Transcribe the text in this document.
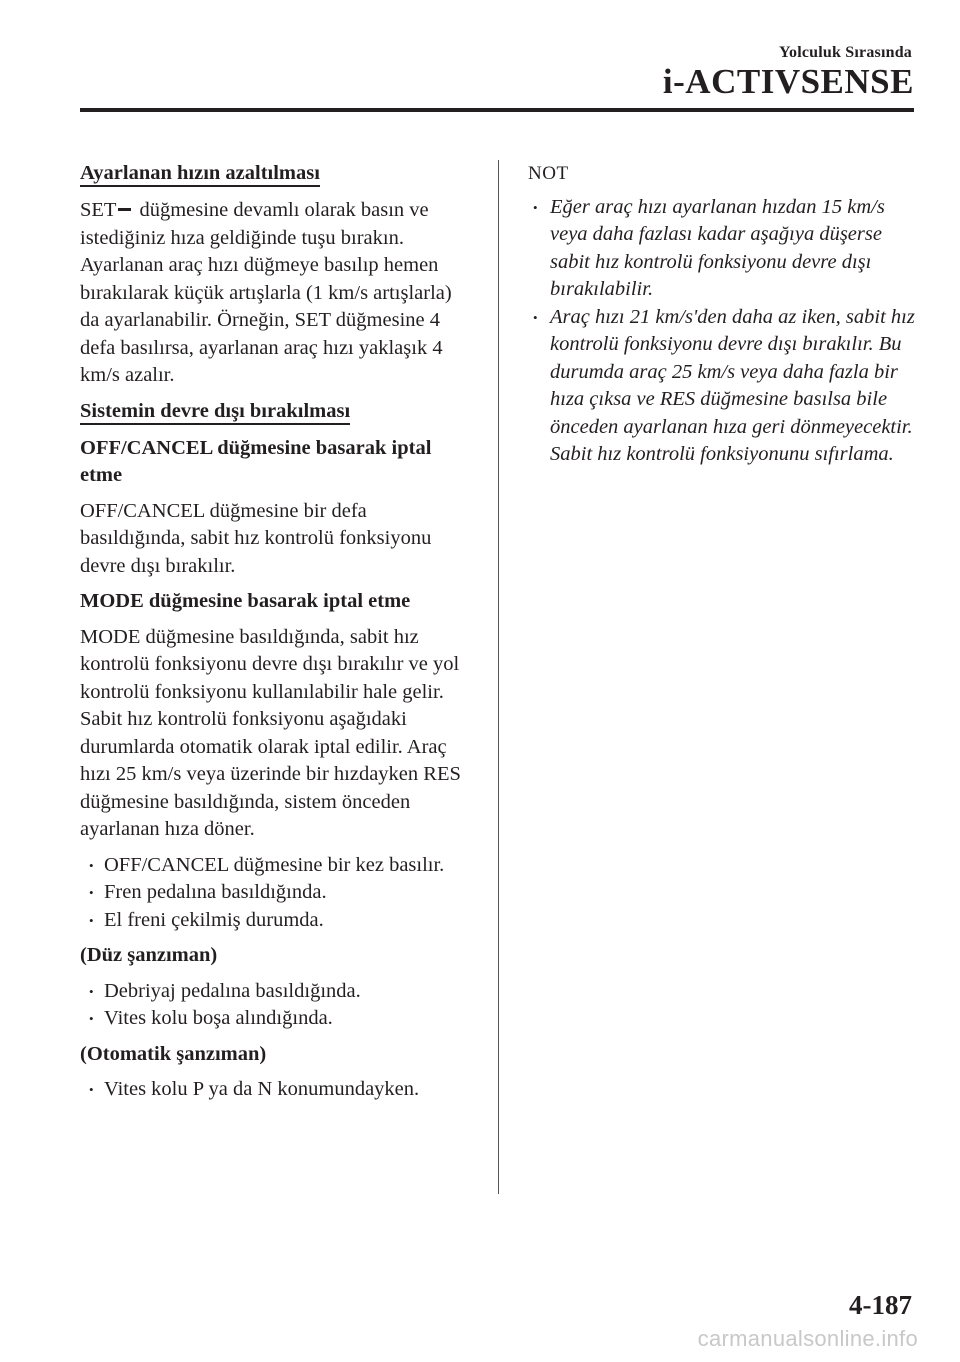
Yolculuk Sırasında
i-ACTIVSENSE
Ayarlanan hızın azaltılması

SET düğmesine devamlı olarak basın ve istediğiniz hıza geldiğinde tuşu bırakın. Ayarlanan araç hızı düğmeye basılıp hemen bırakılarak küçük artışlarla (1 km/s artışlarla) da ayarlanabilir. Örneğin, SET düğmesine 4 defa basılırsa, ayarlanan araç hızı yaklaşık 4 km/s azalır.

Sistemin devre dışı bırakılması
OFF/CANCEL düğmesine basarak iptal etme

OFF/CANCEL düğmesine bir defa basıldığında, sabit hız kontrolü fonksiyonu devre dışı bırakılır.

MODE düğmesine basarak iptal etme

MODE düğmesine basıldığında, sabit hız kontrolü fonksiyonu devre dışı bırakılır ve yol kontrolü fonksiyonu kullanılabilir hale gelir.

Sabit hız kontrolü fonksiyonu aşağıdaki durumlarda otomatik olarak iptal edilir. Araç hızı 25 km/s veya üzerinde bir hızdayken RES düğmesine basıldığında, sistem önceden ayarlanan hıza döner.

• OFF/CANCEL düğmesine bir kez basılır.
• Fren pedalına basıldığında.
• El freni çekilmiş durumda.
(Düz şanzıman)
• Debriyaj pedalına basıldığında.
• Vites kolu boşa alındığında.
(Otomatik şanzıman)
• Vites kolu P ya da N konumundayken.
NOT
• Eğer araç hızı ayarlanan hızdan 15 km/s veya daha fazlası kadar aşağıya düşerse sabit hız kontrolü fonksiyonu devre dışı bırakılabilir.
• Araç hızı 21 km/s'den daha az iken, sabit hız kontrolü fonksiyonu devre dışı bırakılır. Bu durumda araç 25 km/s veya daha fazla bir hıza çıksa ve RES düğmesine basılsa bile önceden ayarlanan hıza geri dönmeyecektir. Sabit hız kontrolü fonksiyonunu sıfırlama.
4-187
carmanualsonline.info
